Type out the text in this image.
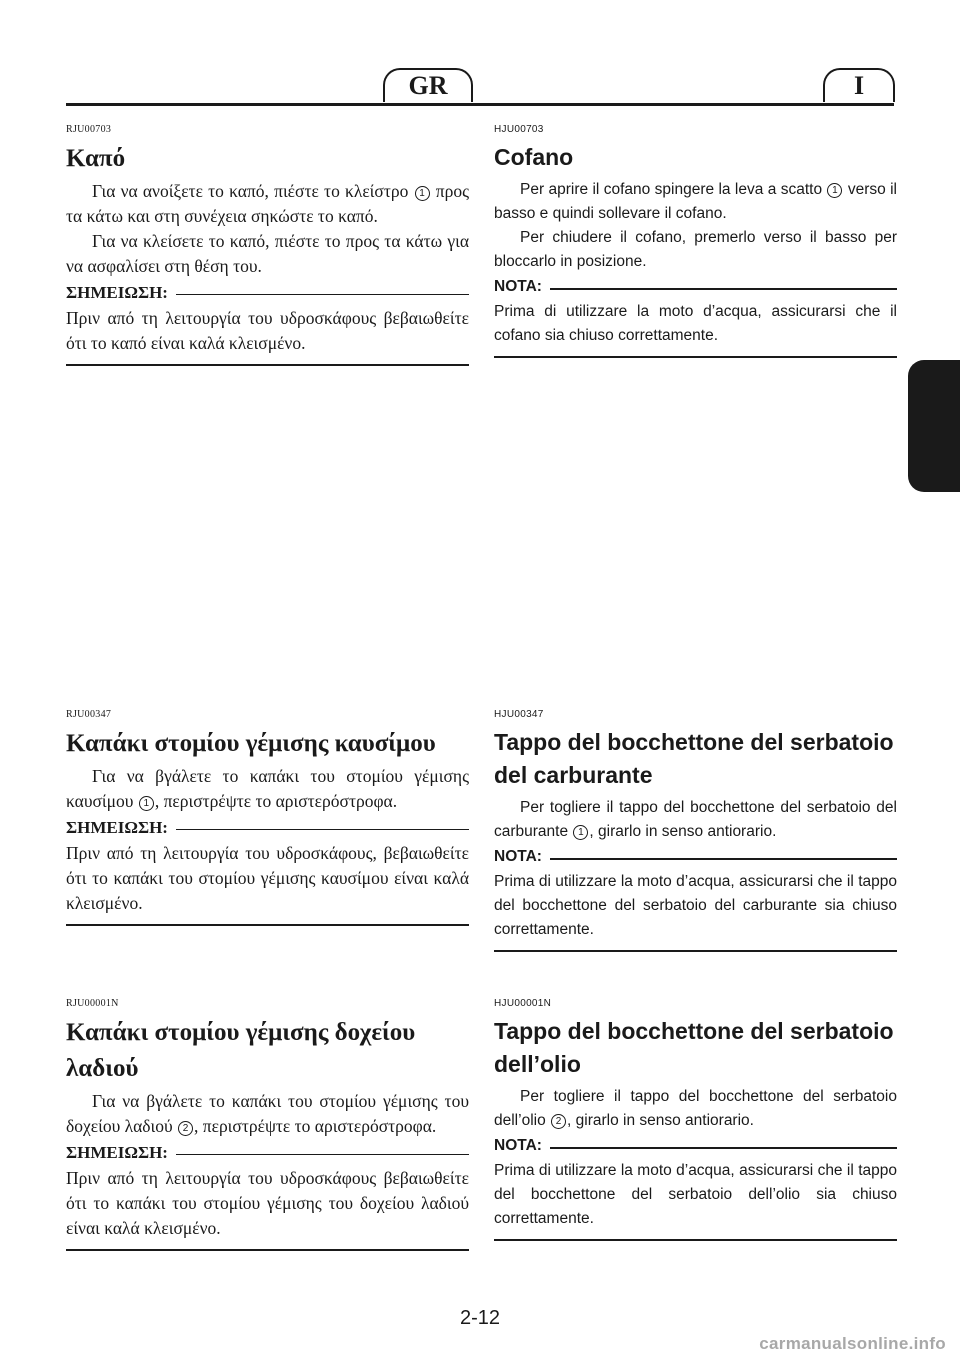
GR	I
RJU00703
Καπό

Για να ανοίξετε το καπό, πιέστε το κλείστρο 1 προς τα κάτω και στη συνέχεια σηκώστε το καπό.

Για να κλείσετε το καπό, πιέστε το προς τα κάτω για να ασφαλίσει στη θέση του.

ΣΗΜΕΙΩΣΗ:

Πριν από τη λειτουργία του υδροσκάφους βεβαιωθείτε ότι το καπό είναι καλά κλεισμένο.

RJU00347
Καπάκι στομίου γέμισης καυσίμου

Για να βγάλετε το καπάκι του στομίου γέμισης καυσίμου 1 , περιστρέψτε το αριστερόστροφα.

ΣΗΜΕΙΩΣΗ:

Πριν από τη λειτουργία του υδροσκάφους, βεβαιωθείτε ότι το καπάκι του στομίου γέμισης καυσίμου είναι καλά κλεισμένο.

RJU00001N
Καπάκι στομίου γέμισης δοχείου λαδιού

Για να βγάλετε το καπάκι του στομίου γέμισης του δοχείου λαδιού 2 , περιστρέψτε το αριστερόστροφα.

ΣΗΜΕΙΩΣΗ:

Πριν από τη λειτουργία του υδροσκάφους βεβαιωθείτε ότι το καπάκι του στομίου γέμισης του δοχείου λαδιού είναι καλά κλεισμένο.

HJU00703
Cofano

Per aprire il cofano spingere la leva a scatto 1 verso il basso e quindi sollevare il cofano.

Per chiudere il cofano, premerlo verso il basso per bloccarlo in posizione.

NOTA:

Prima di utilizzare la moto d’acqua, assicurarsi che il cofano sia chiuso correttamente.

HJU00347
Tappo del bocchettone del serbatoio del carburante

Per togliere il tappo del bocchettone del serbatoio del carburante 1 , girarlo in senso antiorario.

NOTA:

Prima di utilizzare la moto d’acqua, assicurarsi che il tappo del bocchettone del serbatoio del carburante sia chiuso correttamente.

HJU00001N
Tappo del bocchettone del serbatoio dell’olio

Per togliere il tappo del bocchettone del serbatoio dell’olio 2 , girarlo in senso antiorario.

NOTA:

Prima di utilizzare la moto d’acqua, assicurarsi che il tappo del bocchettone del serbatoio dell’olio sia chiuso correttamente.

2-12
carmanualsonline.info
